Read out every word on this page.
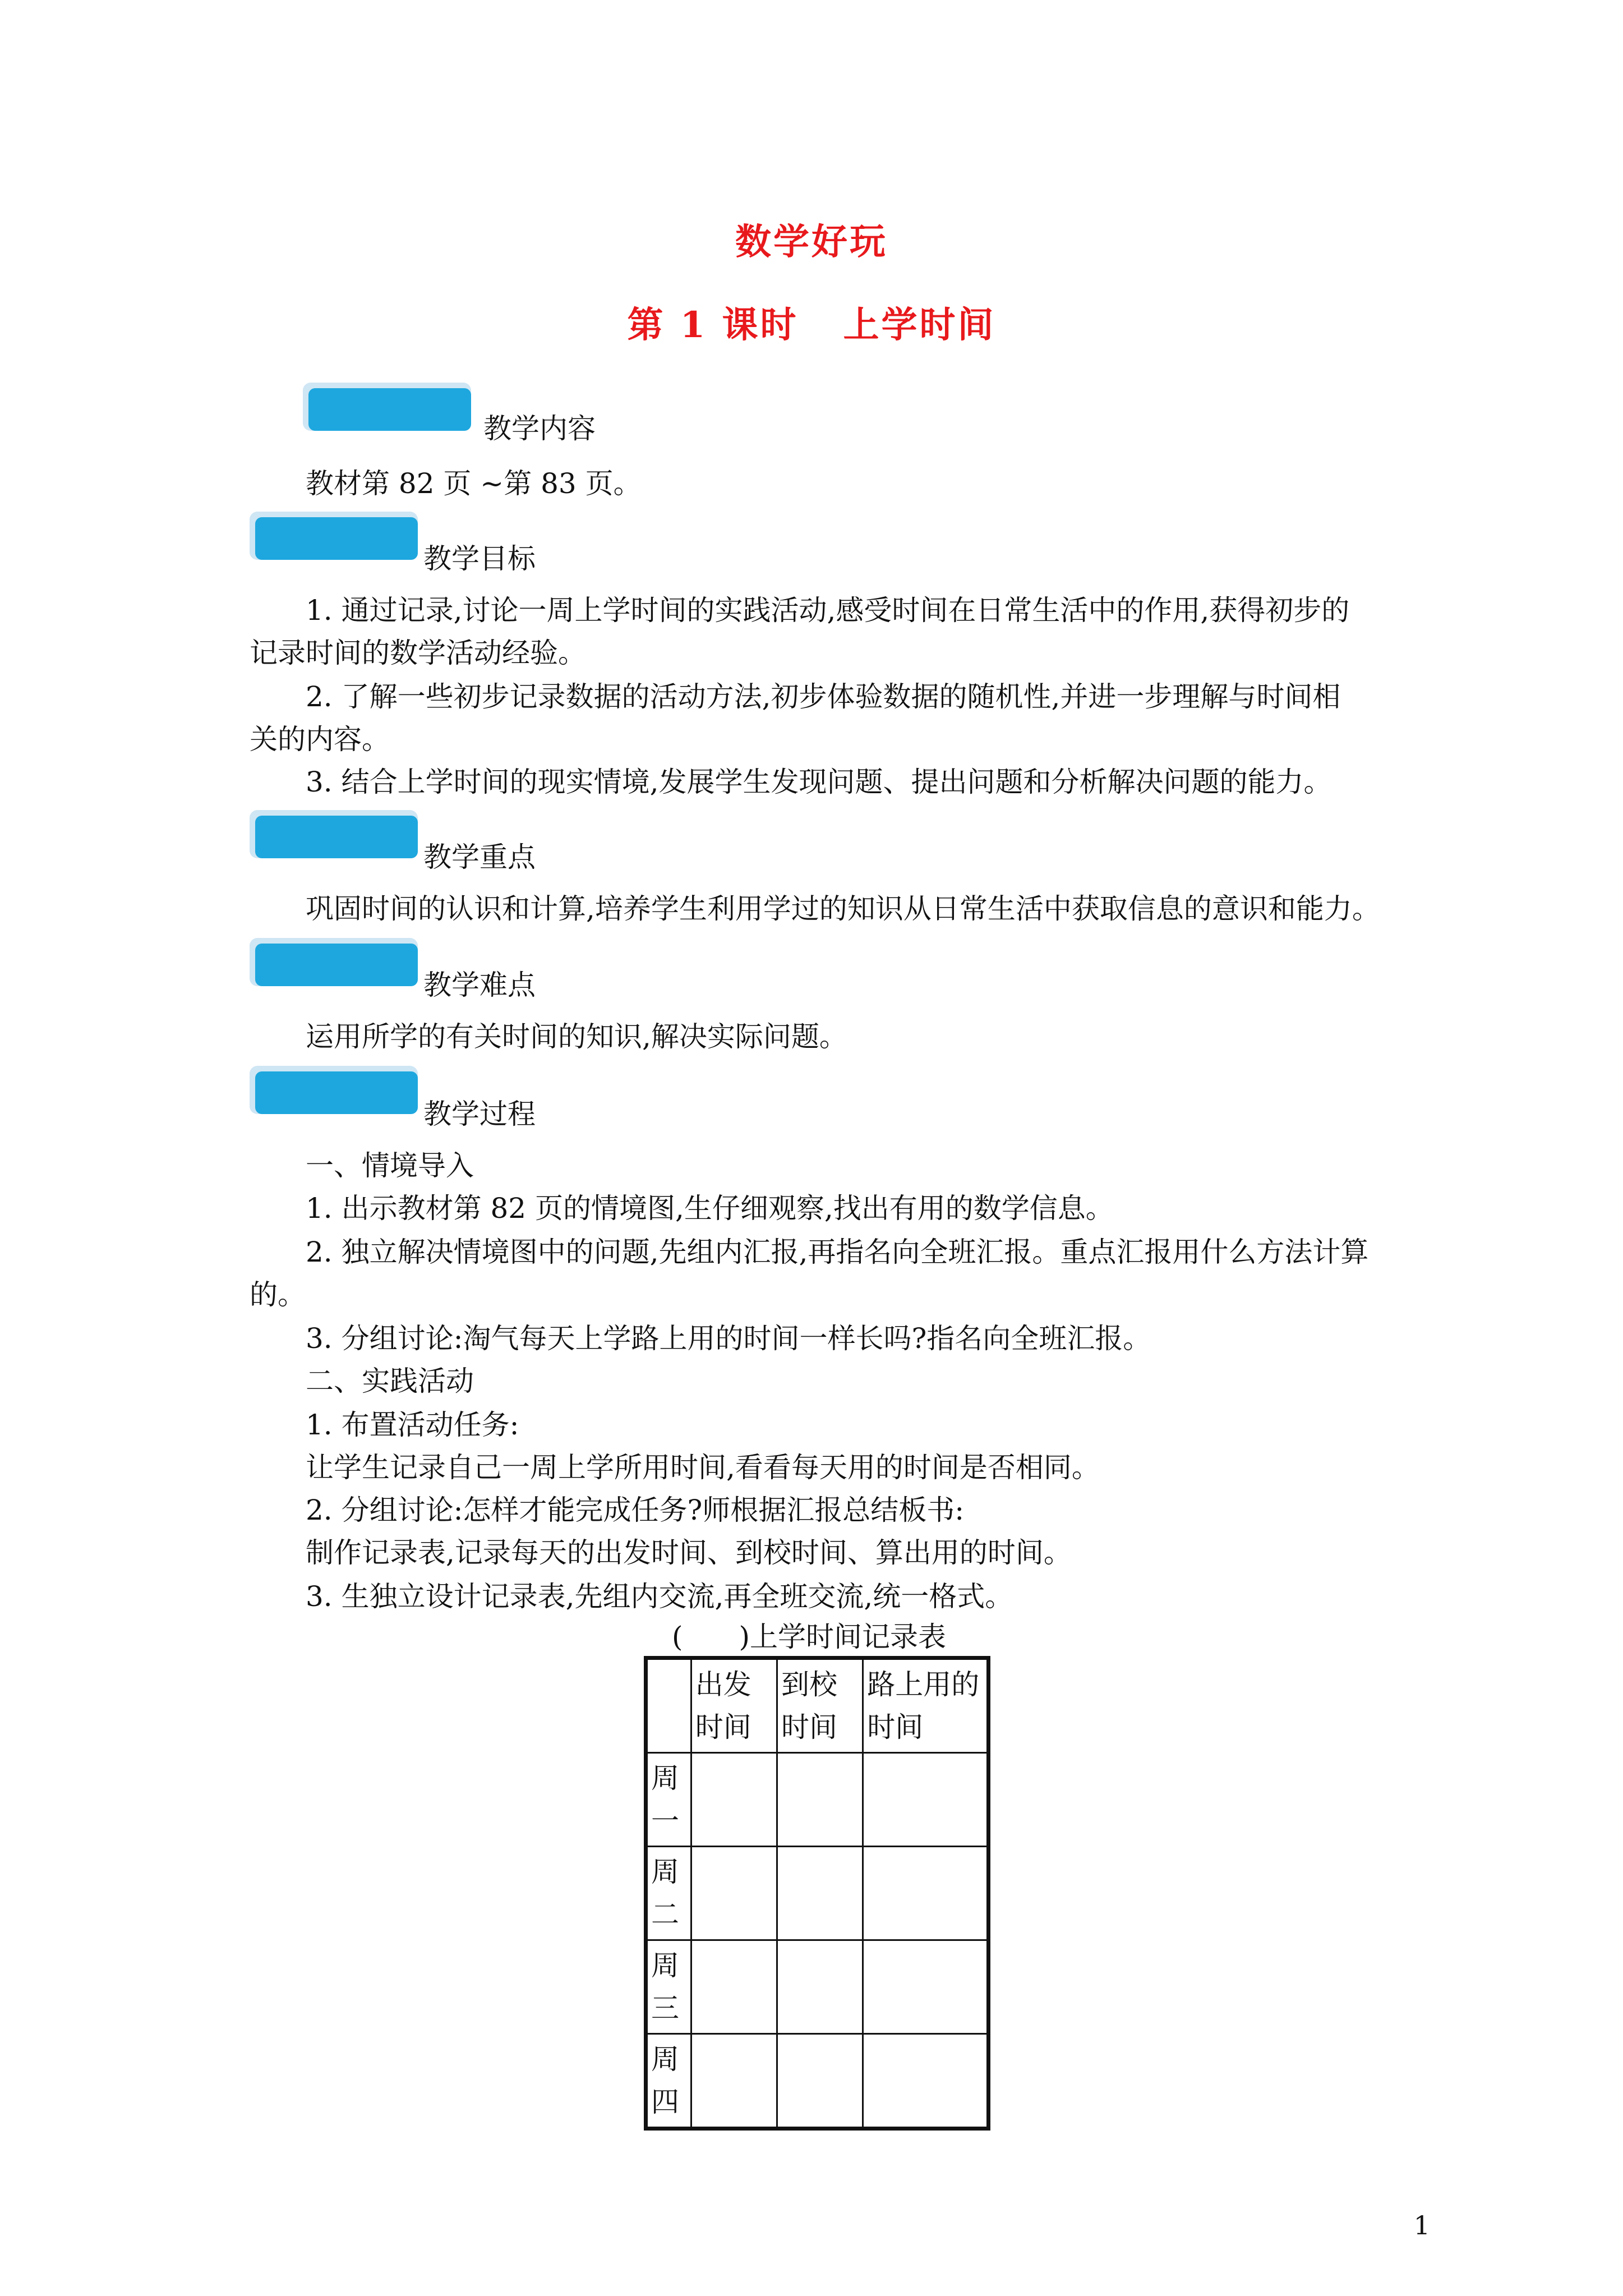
数学好玩
第 1 课时 上学时间
教学内容
教材第 82 页 ~第 83 页。
教学目标
1. 通过记录,讨论一周上学时间的实践活动,感受时间在日常生活中的作用,获得初步的
记录时间的数学活动经验。
2. 了解一些初步记录数据的活动方法,初步体验数据的随机性,并进一步理解与时间相
关的内容。
3. 结合上学时间的现实情境,发展学生发现问题、提出问题和分析解决问题的能力。
教学重点
巩固时间的认识和计算,培养学生利用学过的知识从日常生活中获取信息的意识和能力。
教学难点
运用所学的有关时间的知识,解决实际问题。
教学过程
一、情境导入
1. 出示教材第 82 页的情境图,生仔细观察,找出有用的数学信息。
2. 独立解决情境图中的问题,先组内汇报,再指名向全班汇报。重点汇报用什么方法计算
的。
3. 分组讨论:淘气每天上学路上用的时间一样长吗?指名向全班汇报。
二、实践活动
1. 布置活动任务:
让学生记录自己一周上学所用时间,看看每天用的时间是否相同。
2. 分组讨论:怎样才能完成任务?师根据汇报总结板书:
制作记录表,记录每天的出发时间、到校时间、算出用的时间。
3. 生独立设计记录表,先组内交流,再全班交流,统一格式。
(　　)上学时间记录表
	出发时间	到校时间	路上用的时间
周一			
周二			
周三			
周四			
1
